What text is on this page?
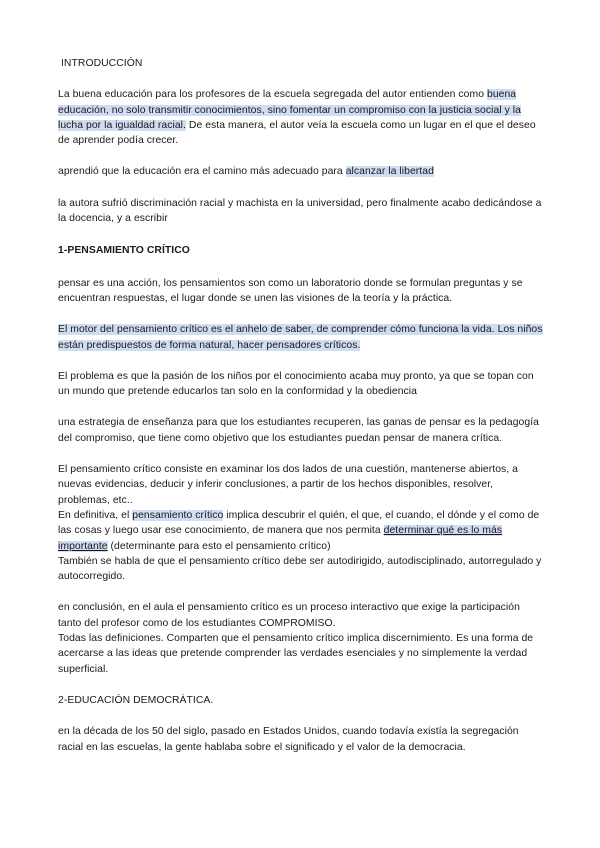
INTRODUCCIÓN

La buena educación para los profesores de la escuela segregada del autor entienden como buena educación, no solo transmitir conocimientos, sino fomentar un compromiso con la justicia social y la lucha por la igualdad racial. De esta manera, el autor veía la escuela como un lugar en el que el deseo de aprender podía crecer.

aprendió que la educación era el camino más adecuado para alcanzar la libertad

la autora sufrió discriminación racial y machista en la universidad, pero finalmente acabo dedicándose a la docencia, y a escribir

1-PENSAMIENTO CRÍTICO

pensar es una acción, los pensamientos son como un laboratorio donde se formulan preguntas y se encuentran respuestas, el lugar donde se unen las visiones de la teoría y la práctica.

El motor del pensamiento crítico es el anhelo de saber, de comprender cómo funciona la vida. Los niños están predispuestos de forma natural, hacer pensadores críticos.

El problema es que la pasión de los niños por el conocimiento acaba muy pronto, ya que se topan con un mundo que pretende educarlos tan solo en la conformidad y la obediencia

una estrategia de enseñanza para que los estudiantes recuperen, las ganas de pensar es la pedagogía del compromiso, que tiene como objetivo que los estudiantes puedan pensar de manera crítica.

El pensamiento crítico consiste en examinar los dos lados de una cuestión, mantenerse abiertos, a nuevas evidencias, deducir y inferir conclusiones, a partir de los hechos disponibles, resolver, problemas, etc..

En definitiva, el pensamiento crítico implica descubrir el quién, el que, el cuando, el dónde y el como de las cosas y luego usar ese conocimiento, de manera que nos permita determinar qué es lo más importante (determinante para esto el pensamiento crítico)

También se habla de que el pensamiento crítico debe ser autodirigido, autodisciplinado, autorregulado y autocorregido.

en conclusión, en el aula el pensamiento crítico es un proceso interactivo que exige la participación tanto del profesor como de los estudiantes COMPROMISO.

Todas las definiciones. Comparten que el pensamiento crítico implica discernimiento. Es una forma de acercarse a las ideas que pretende comprender las verdades esenciales y no simplemente la verdad superficial.

2-EDUCACIÓN DEMOCRÁTICA.

en la década de los 50 del siglo, pasado en Estados Unidos, cuando todavía existía la segregación racial en las escuelas, la gente hablaba sobre el significado y el valor de la democracia.
